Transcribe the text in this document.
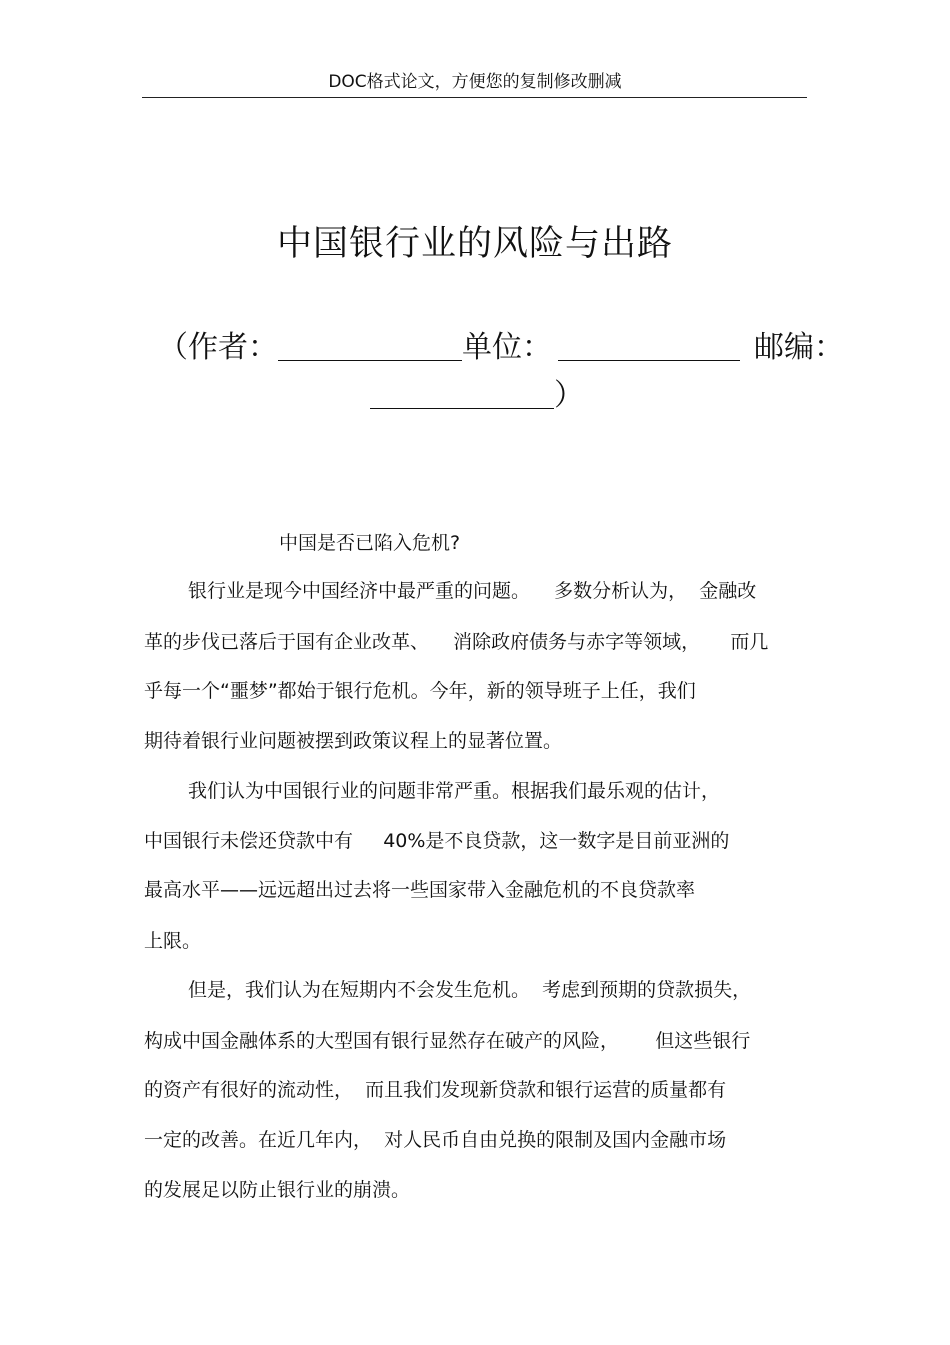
DOC格式论文，方便您的复制修改删减
中国银行业的风险与出路
（作者：	单位：	邮编：
）
中国是否已陷入危机?
银行业是现今中国经济中最严重的问题。    多数分析认为，  金融改
革的步伐已落后于国有企业改革、    消除政府债务与赤字等领域，     而几
乎每一个“噩梦”都始于银行危机。今年，新的领导班子上任，我们
期待着银行业问题被摆到政策议程上的显著位置。
我们认为中国银行业的问题非常严重。根据我们最乐观的估计，
中国银行未偿还贷款中有     40%是不良贷款，这一数字是目前亚洲的
最高水平——远远超出过去将一些国家带入金融危机的不良贷款率
上限。
但是，我们认为在短期内不会发生危机。  考虑到预期的贷款损失，
构成中国金融体系的大型国有银行显然存在破产的风险，      但这些银行
的资产有很好的流动性，  而且我们发现新贷款和银行运营的质量都有
一定的改善。在近几年内，  对人民币自由兑换的限制及国内金融市场
的发展足以防止银行业的崩溃。
